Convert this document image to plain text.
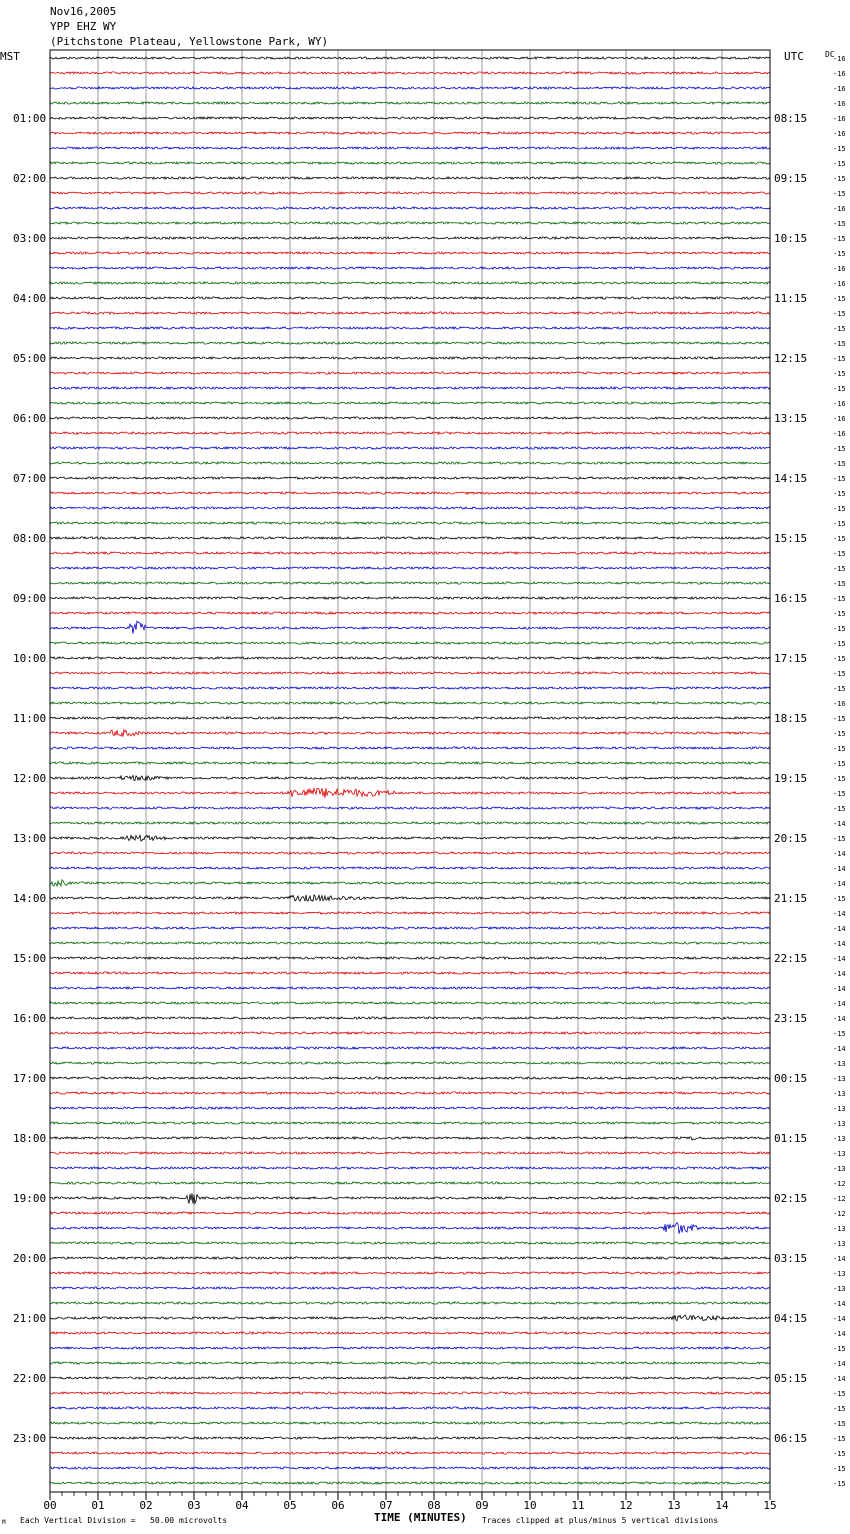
Nov16,2005
YPP EHZ WY
(Pitchstone Plateau, Yellowstone Park, WY)
MST	UTC	DC
-16
-16
-16
-16
-16
-16
-15
-15
-15
-15
-16
-15
-15
-15
-16
-16
-15
-15
-15
-15
-15
-15
-15
-16
-16
-16
-15
-15
-15
-15
-15
-15
-15
-15
-15
-15
-15
-15
-15
-15
-15
-15
-15
-16
-15
-15
-15
-15
-15
-15
-15
-14
-15
-14
-14
-14
-15
-14
-14
-14
-14
-14
-14
-14
-14
-15
-14
-13
-13
-13
-13
-13
-13
-13
-13
-12
-12
-12
-13
-13
-14
-13
-13
-14
-14
-14
-15
-14
-14
-15
-15
-15
-15
-15
-15
-15
01:00	08:15
02:00	09:15
03:00	10:15
04:00	11:15
05:00	12:15
06:00	13:15
07:00	14:15
08:00	15:15
09:00	16:15
10:00	17:15
11:00	18:15
12:00	19:15
13:00	20:15
14:00	21:15
15:00	22:15
16:00	23:15
17:00	00:15
18:00	01:15
19:00	02:15
20:00	03:15
21:00	04:15
22:00	05:15
23:00	06:15
00	01	02	03	04	05	06	07	08	09	10	11	12	13	14	15
TIME (MINUTES)
Each Vertical Division =   50.00 microvolts	Traces clipped at plus/minus 5 vertical divisions
M
